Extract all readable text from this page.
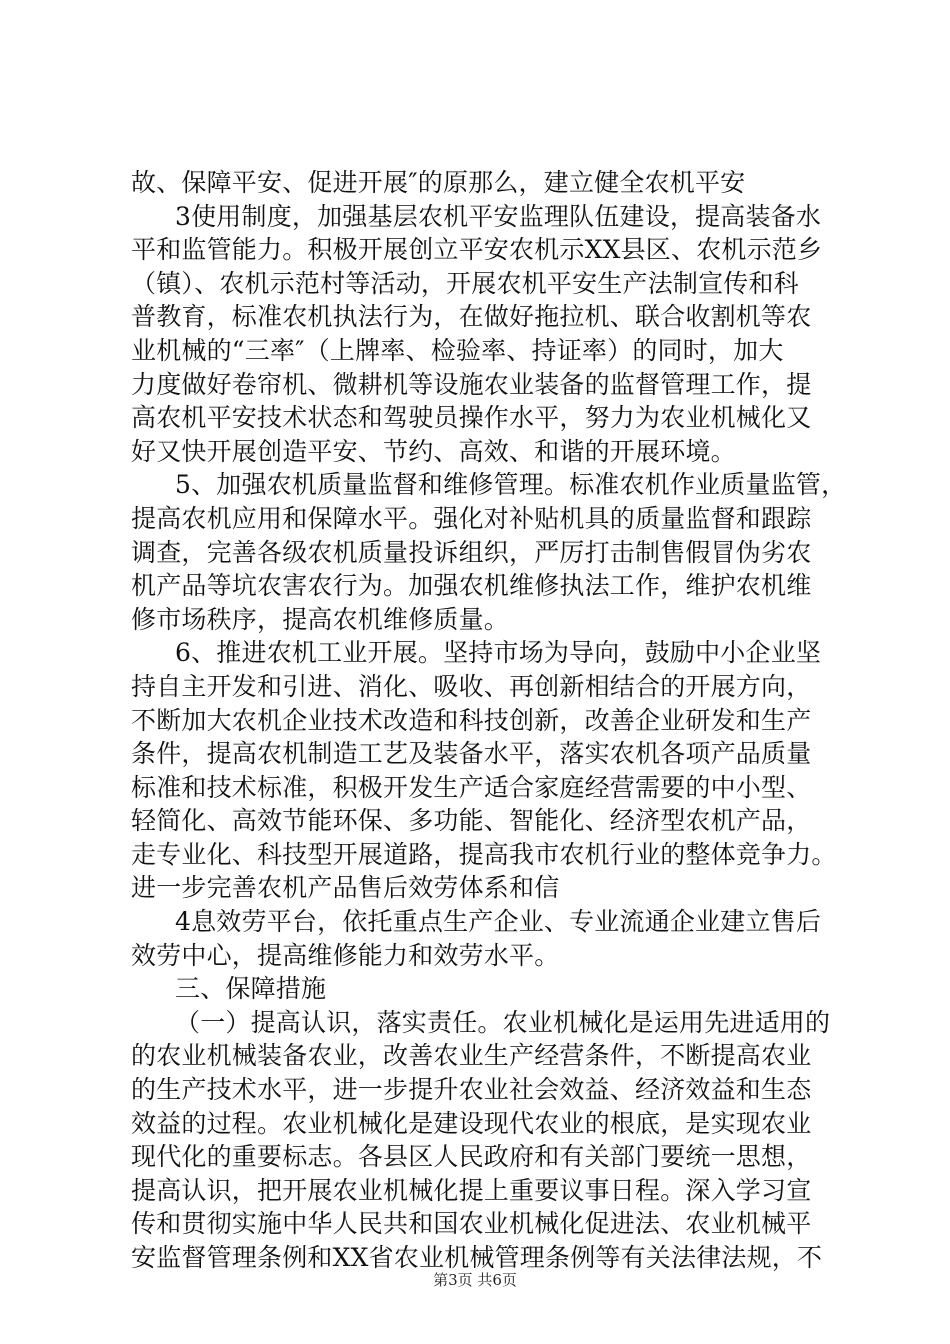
故、保障平安、促进开展″的原那么，建立健全农机平安
3使用制度，加强基层农机平安监理队伍建设，提高装备水
平和监管能力。积极开展创立平安农机示XX县区、农机示范乡
（镇）、农机示范村等活动，开展农机平安生产法制宣传和科
普教育，标准农机执法行为，在做好拖拉机、联合收割机等农
业机械的“三率″（上牌率、检验率、持证率）的同时，加大
力度做好卷帘机、微耕机等设施农业装备的监督管理工作，提
高农机平安技术状态和驾驶员操作水平，努力为农业机械化又
好又快开展创造平安、节约、高效、和谐的开展环境。
5、加强农机质量监督和维修管理。标准农机作业质量监管，
提高农机应用和保障水平。强化对补贴机具的质量监督和跟踪
调查，完善各级农机质量投诉组织，严厉打击制售假冒伪劣农
机产品等坑农害农行为。加强农机维修执法工作，维护农机维
修市场秩序，提高农机维修质量。
6、推进农机工业开展。坚持市场为导向，鼓励中小企业坚
持自主开发和引进、消化、吸收、再创新相结合的开展方向，
不断加大农机企业技术改造和科技创新，改善企业研发和生产
条件，提高农机制造工艺及装备水平，落实农机各项产品质量
标准和技术标准，积极开发生产适合家庭经营需要的中小型、
轻简化、高效节能环保、多功能、智能化、经济型农机产品，
走专业化、科技型开展道路，提高我市农机行业的整体竞争力。
进一步完善农机产品售后效劳体系和信
4息效劳平台，依托重点生产企业、专业流通企业建立售后
效劳中心，提高维修能力和效劳水平。
三、保障措施
（一）提高认识，落实责任。农业机械化是运用先进适用的
的农业机械装备农业，改善农业生产经营条件，不断提高农业
的生产技术水平，进一步提升农业社会效益、经济效益和生态
效益的过程。农业机械化是建设现代农业的根底，是实现农业
现代化的重要标志。各县区人民政府和有关部门要统一思想，
提高认识，把开展农业机械化提上重要议事日程。深入学习宣
传和贯彻实施中华人民共和国农业机械化促进法、农业机械平
安监督管理条例和XX省农业机械管理条例等有关法律法规，不
第3页 共6页
